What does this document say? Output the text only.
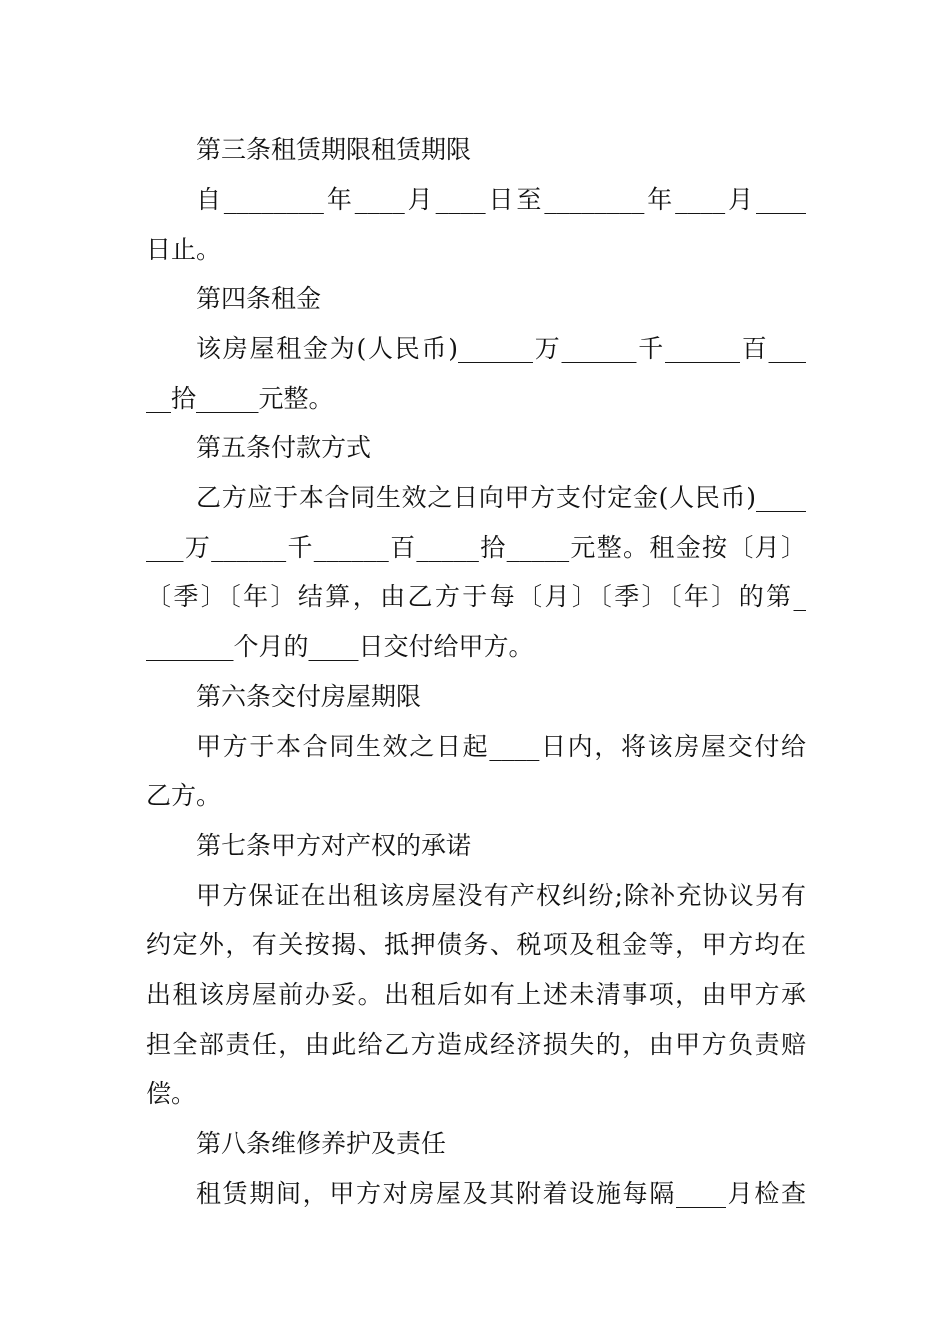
第三条租赁期限租赁期限
自________年____月____日至________年____月____
日止。
第四条租金
该房屋租金为(人民币)______万______千______百___
__拾_____元整。
第五条付款方式
乙方应于本合同生效之日向甲方支付定金(人民币)____
___万______千______百_____拾_____元整。租金按〔月〕
〔季〕〔年〕结算，由乙方于每〔月〕〔季〕〔年〕的第_
_______个月的____日交付给甲方。
第六条交付房屋期限
甲方于本合同生效之日起____日内，将该房屋交付给
乙方。
第七条甲方对产权的承诺
甲方保证在出租该房屋没有产权纠纷;除补充协议另有
约定外，有关按揭、抵押债务、税项及租金等，甲方均在
出租该房屋前办妥。出租后如有上述未清事项，由甲方承
担全部责任，由此给乙方造成经济损失的，由甲方负责赔
偿。
第八条维修养护及责任
租赁期间，甲方对房屋及其附着设施每隔____月检查
